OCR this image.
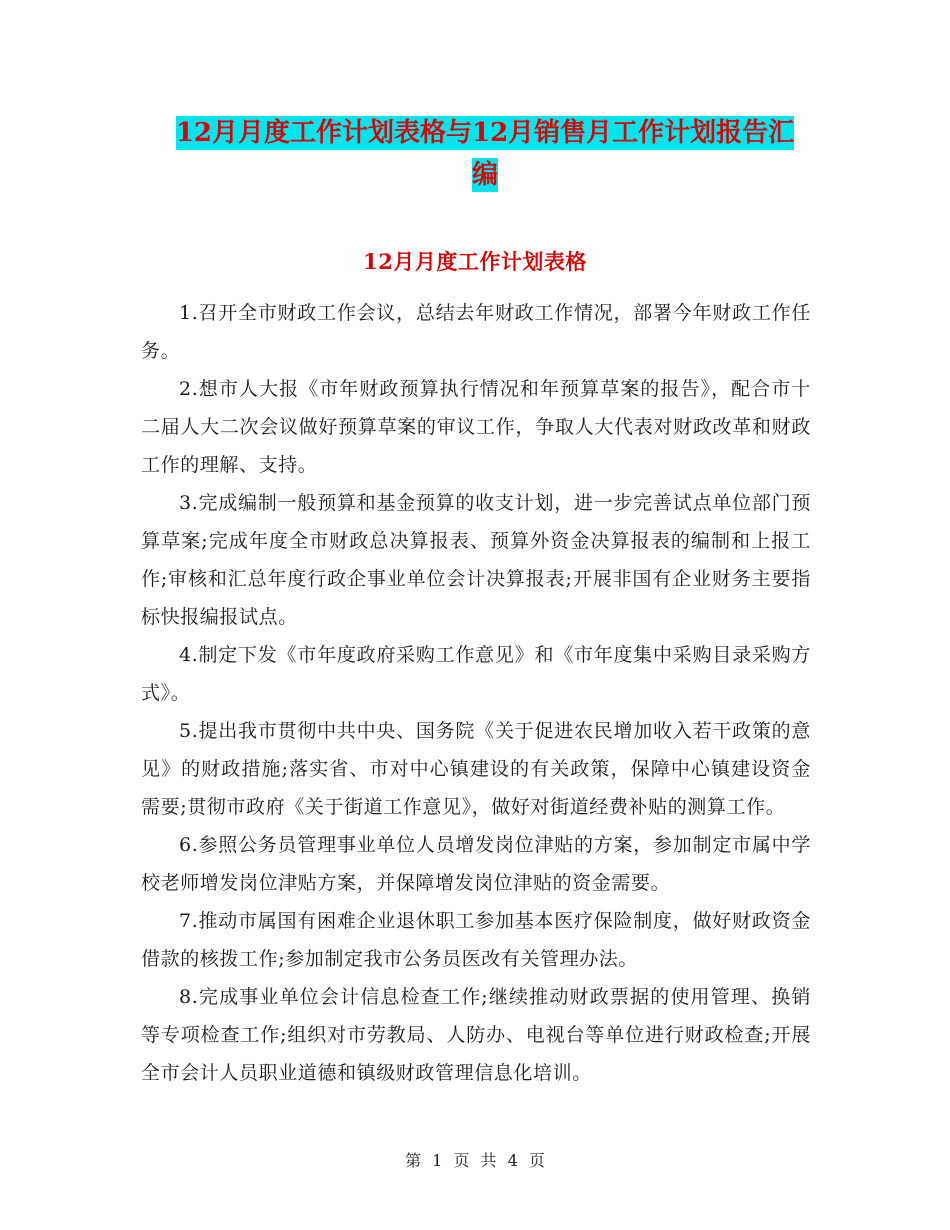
12月月度工作计划表格与12月销售月工作计划报告汇
编
12月月度工作计划表格

1.召开全市财政工作会议，总结去年财政工作情况，部署今年财政工作任务。

2.想市人大报《市年财政预算执行情况和年预算草案的报告》，配合市十二届人大二次会议做好预算草案的审议工作，争取人大代表对财政改革和财政工作的理解、支持。

3.完成编制一般预算和基金预算的收支计划，进一步完善试点单位部门预算草案;完成年度全市财政总决算报表、预算外资金决算报表的编制和上报工作;审核和汇总年度行政企事业单位会计决算报表;开展非国有企业财务主要指标快报编报试点。

4.制定下发《市年度政府采购工作意见》和《市年度集中采购目录采购方式》。

5.提出我市贯彻中共中央、国务院《关于促进农民增加收入若干政策的意见》的财政措施;落实省、市对中心镇建设的有关政策，保障中心镇建设资金需要;贯彻市政府《关于街道工作意见》，做好对街道经费补贴的测算工作。

6.参照公务员管理事业单位人员增发岗位津贴的方案，参加制定市属中学校老师增发岗位津贴方案，并保障增发岗位津贴的资金需要。

7.推动市属国有困难企业退休职工参加基本医疗保险制度，做好财政资金借款的核拨工作;参加制定我市公务员医改有关管理办法。

8.完成事业单位会计信息检查工作;继续推动财政票据的使用管理、换销等专项检查工作;组织对市劳教局、人防办、电视台等单位进行财政检查;开展全市会计人员职业道德和镇级财政管理信息化培训。

第 1 页 共 4 页
